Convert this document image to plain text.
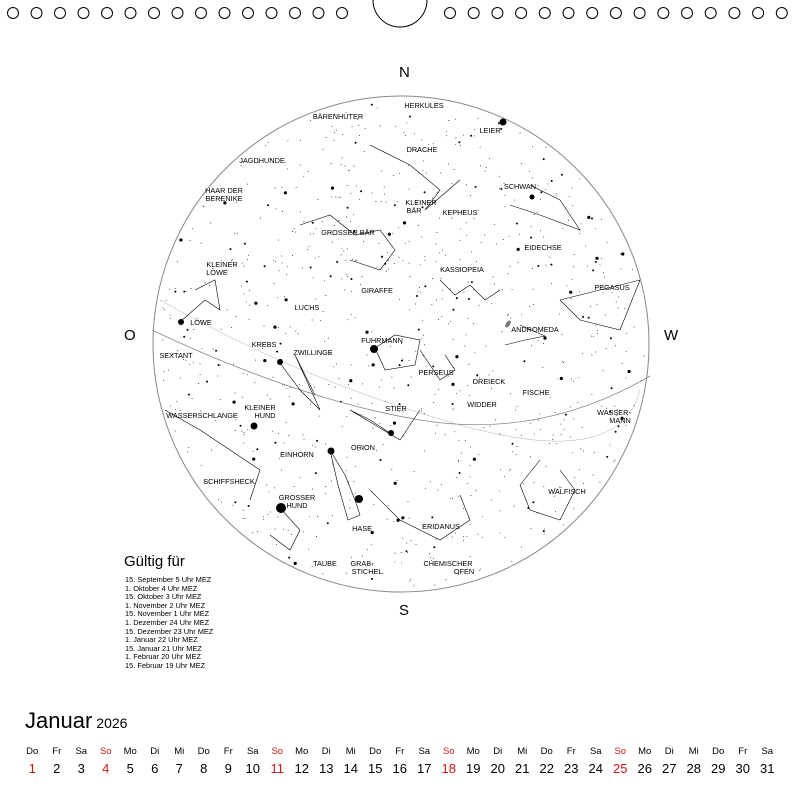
HERKULES
BÄRENHÜTER
LEIER
DRACHE
JAGDHUNDE
HAAR DER
BERENIKE
SCHWAN
KLEINER
BÄR	KEPHEUS
GROSSER BÄR
EIDECHSE
KLEINER
LÖWE	KASSIOPEIA
PEGASUS
GIRAFFE
LUCHS
LÖWE
ANDROMEDA
FUHRMANN
KREBS
ZWILLINGE
SEXTANT
PERSEUS
DREIECK
FISCHE
WIDDER
KLEINER
HUND
STIER
WASSERSCHLANGE	WASSER-
MANN
EINHORN
ORION
SCHIFFSHECK
WALFISCH
GROSSER
HUND
HASE	ERIDANUS
TAUBE GRAB-
STICHEL
CHEMISCHER
OFEN
N
S
O	W
Gültig für
15. September 5 Uhr MEZ
1. Oktober 4 Uhr MEZ
15. Oktober 3 Uhr MEZ
1. November 2 Uhr MEZ
15. November 1 Uhr MEZ
1. Dezember 24 Uhr MEZ
15. Dezember 23 Uhr MEZ
1. Januar 22 Uhr MEZ
15. Januar 21 Uhr MEZ
1. Februar 20 Uhr MEZ
15. Februar 19 Uhr MEZ
Januar 2026
Do	Fr	Sa	So	Mo	Di	Mi	Do	Fr	Sa	So	Mo	Di	Mi	Do	Fr	Sa	So	Mo	Di	Mi	Do	Fr	Sa	So	Mo	Di	Mi	Do	Fr	Sa
1	2	3	4	5	6	7	8	9	10 11 12 13 14 15 16 17 18 19 20 21 22 23 24 25 26 27 28 29 30 31
